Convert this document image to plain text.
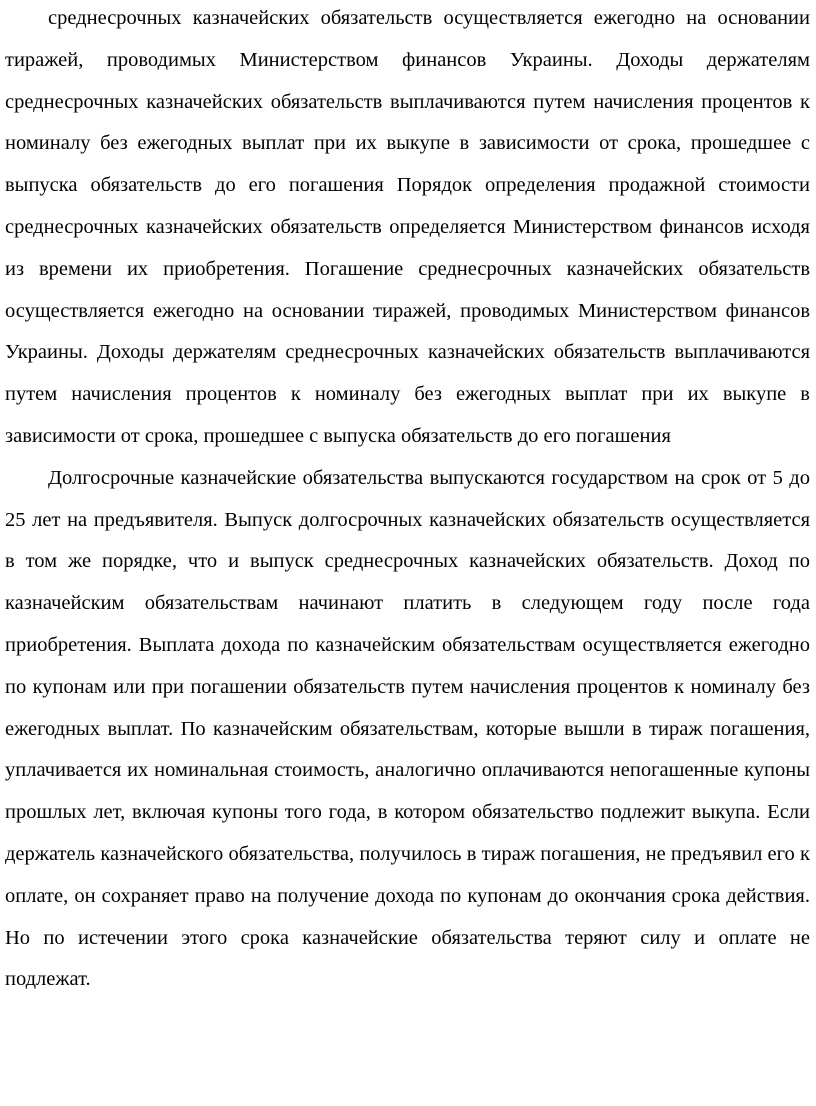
среднесрочных казначейских обязательств осуществляется ежегодно на основании тиражей, проводимых Министерством финансов Украины. Доходы держателям среднесрочных казначейских обязательств выплачиваются путем начисления процентов к номиналу без ежегодных выплат при их выкупе в зависимости от срока, прошедшее с выпуска обязательств до его погашения Порядок определения продажной стоимости среднесрочных казначейских обязательств определяется Министерством финансов исходя из времени их приобретения. Погашение среднесрочных казначейских обязательств осуществляется ежегодно на основании тиражей, проводимых Министерством финансов Украины. Доходы держателям среднесрочных казначейских обязательств выплачиваются путем начисления процентов к номиналу без ежегодных выплат при их выкупе в зависимости от срока, прошедшее с выпуска обязательств до его погашения

Долгосрочные казначейские обязательства выпускаются государством на срок от 5 до 25 лет на предъявителя. Выпуск долгосрочных казначейских обязательств осуществляется в том же порядке, что и выпуск среднесрочных казначейских обязательств. Доход по казначейским обязательствам начинают платить в следующем году после года приобретения. Выплата дохода по казначейским обязательствам осуществляется ежегодно по купонам или при погашении обязательств путем начисления процентов к номиналу без ежегодных выплат. По казначейским обязательствам, которые вышли в тираж погашения, уплачивается их номинальная стоимость, аналогично оплачиваются непогашенные купоны прошлых лет, включая купоны того года, в котором обязательство подлежит выкупа. Если держатель казначейского обязательства, получилось в тираж погашения, не предъявил его к оплате, он сохраняет право на получение дохода по купонам до окончания срока действия. Но по истечении этого срока казначейские обязательства теряют силу и оплате не подлежат.
